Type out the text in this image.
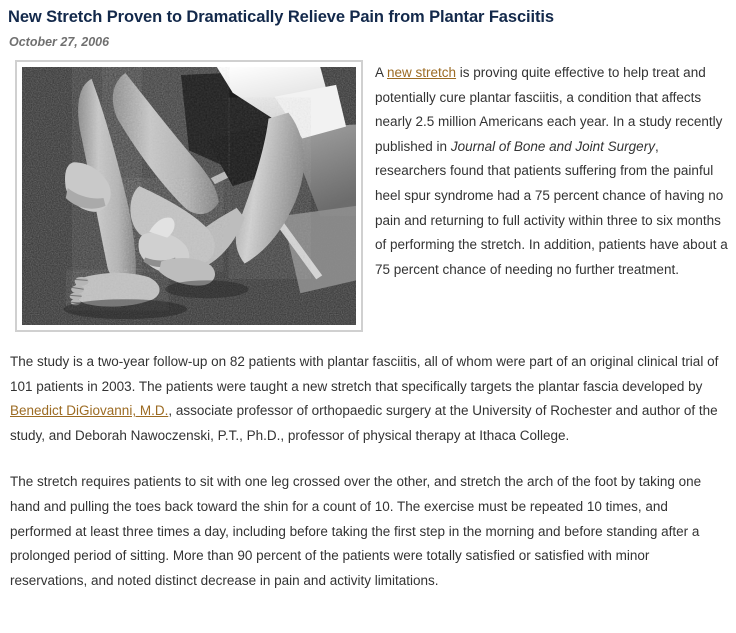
New Stretch Proven to Dramatically Relieve Pain from Plantar Fasciitis
October 27, 2006

A new stretch is proving quite effective to help treat and potentially cure plantar fasciitis, a condition that affects nearly 2.5 million Americans each year. In a study recently published in Journal of Bone and Joint Surgery, researchers found that patients suffering from the painful heel spur syndrome had a 75 percent chance of having no pain and returning to full activity within three to six months of performing the stretch. In addition, patients have about a 75 percent chance of needing no further treatment.

The study is a two-year follow-up on 82 patients with plantar fasciitis, all of whom were part of an original clinical trial of 101 patients in 2003. The patients were taught a new stretch that specifically targets the plantar fascia developed by Benedict DiGiovanni, M.D., associate professor of orthopaedic surgery at the University of Rochester and author of the study, and Deborah Nawoczenski, P.T., Ph.D., professor of physical therapy at Ithaca College.

The stretch requires patients to sit with one leg crossed over the other, and stretch the arch of the foot by taking one hand and pulling the toes back toward the shin for a count of 10. The exercise must be repeated 10 times, and performed at least three times a day, including before taking the first step in the morning and before standing after a prolonged period of sitting. More than 90 percent of the patients were totally satisfied or satisfied with minor reservations, and noted distinct decrease in pain and activity limitations.
